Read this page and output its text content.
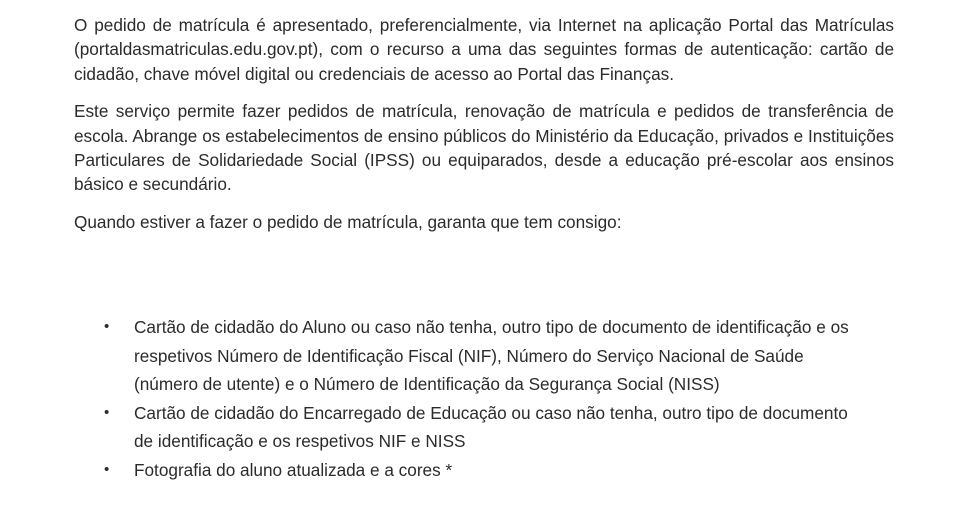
O pedido de matrícula é apresentado, preferencialmente, via Internet na aplicação Portal das Matrículas (portaldasmatriculas.edu.gov.pt), com o recurso a uma das seguintes formas de autenticação: cartão de cidadão, chave móvel digital ou credenciais de acesso ao Portal das Finanças.

Este serviço permite fazer pedidos de matrícula, renovação de matrícula e pedidos de transferência de escola. Abrange os estabelecimentos de ensino públicos do Ministério da Educação, privados e Instituições Particulares de Solidariedade Social (IPSS) ou equiparados, desde a educação pré-escolar aos ensinos básico e secundário.

Quando estiver a fazer o pedido de matrícula, garanta que tem consigo:

• Cartão de cidadão do Aluno ou caso não tenha, outro tipo de documento de identificação e os respetivos Número de Identificação Fiscal (NIF), Número do Serviço Nacional de Saúde (número de utente) e o Número de Identificação da Segurança Social (NISS)
• Cartão de cidadão do Encarregado de Educação ou caso não tenha, outro tipo de documento de identificação e os respetivos NIF e NISS
• Fotografia do aluno atualizada e a cores *
